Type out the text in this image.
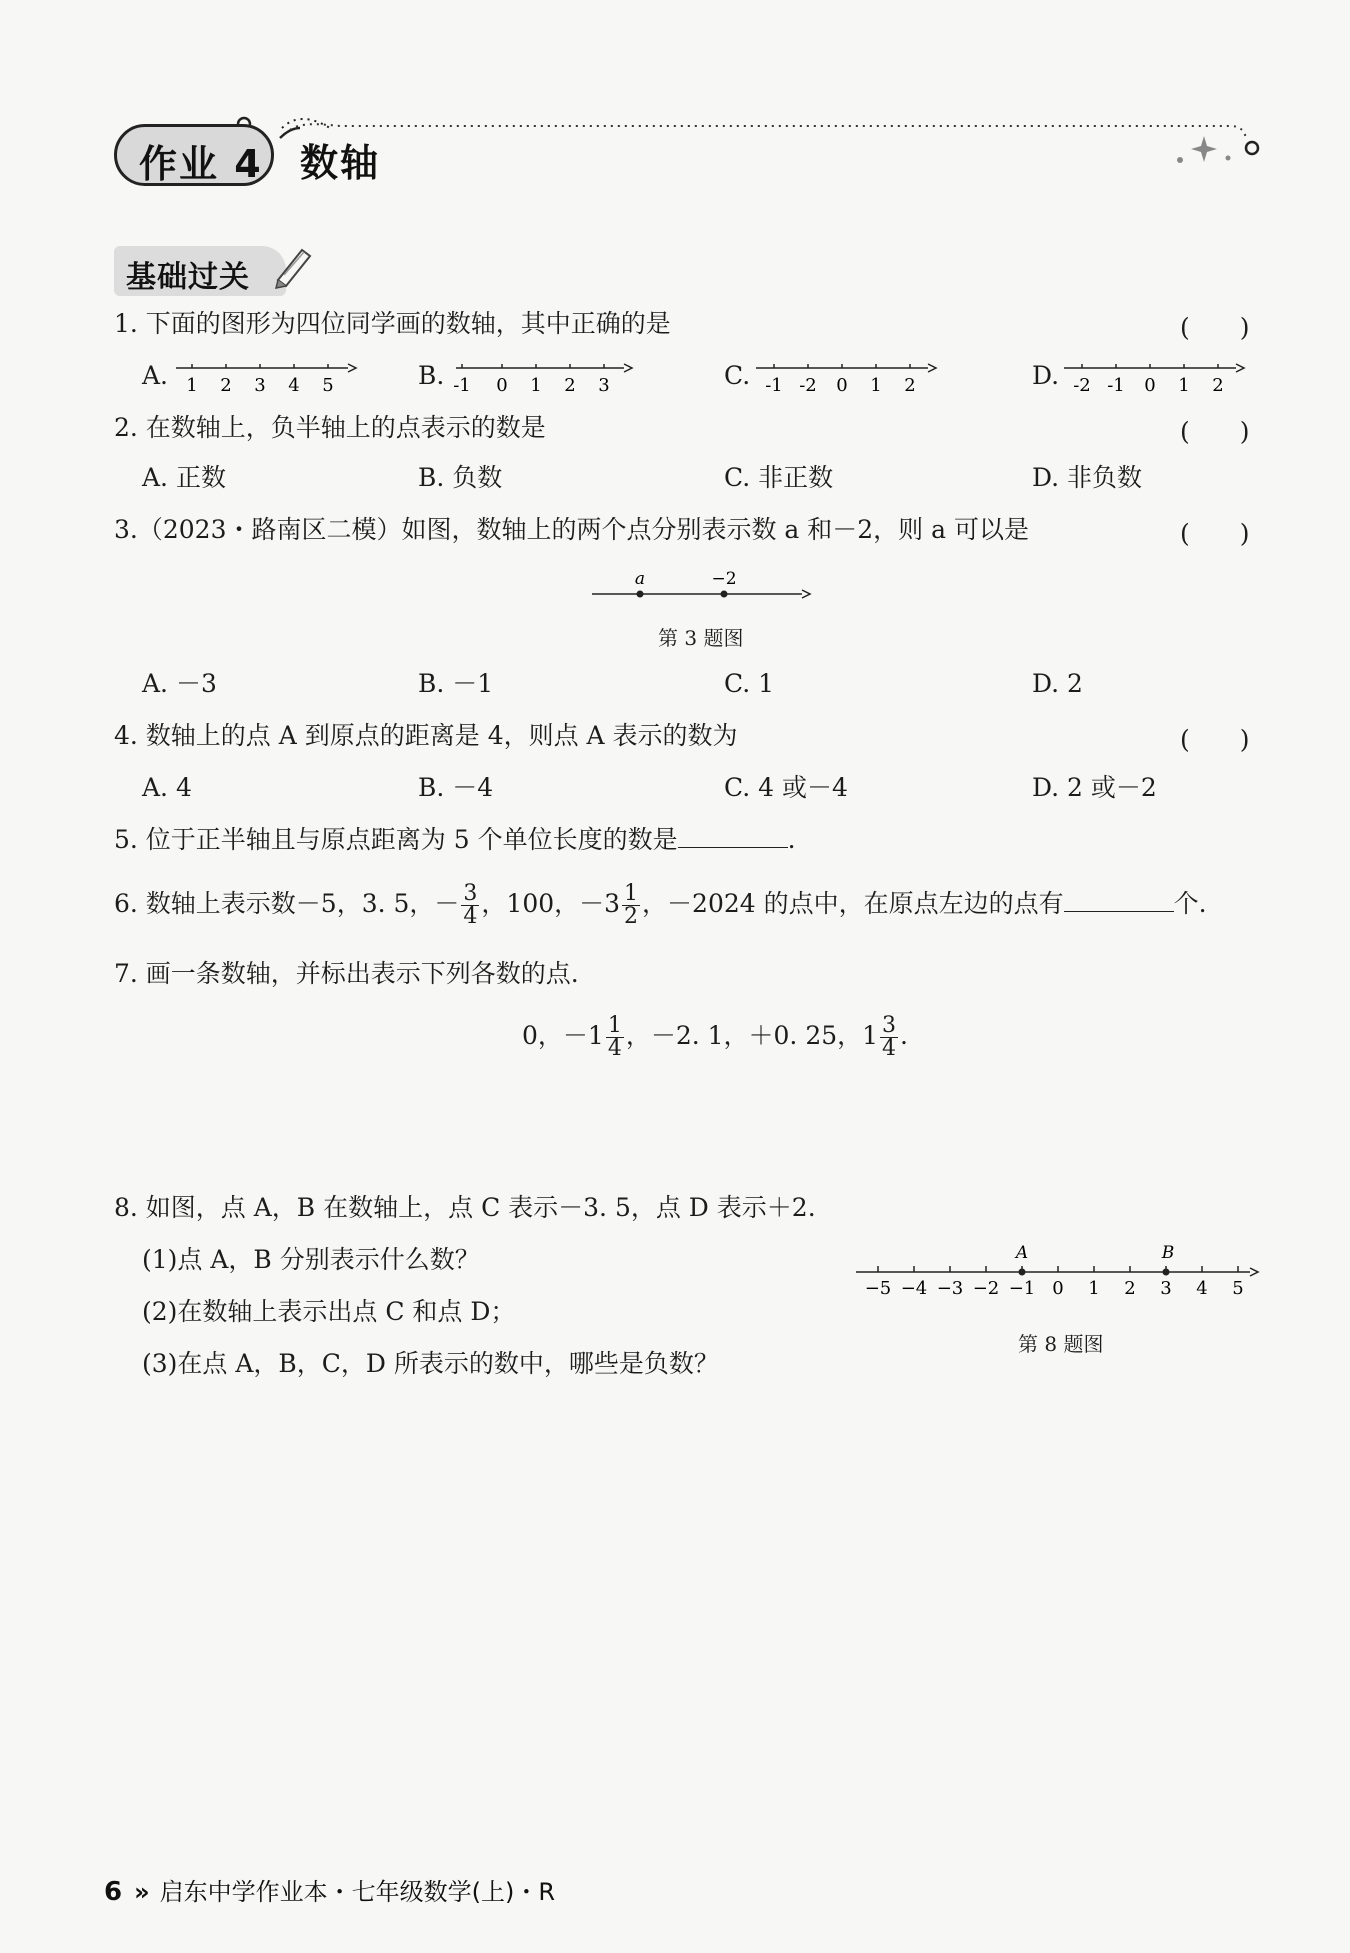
作业 4 数轴
基础过关
1. 下面的图形为四位同学画的数轴，其中正确的是	(　　)
A. 1 2 3 4 5	B. -1 0 1 2 3	C. -1 -2 0 1 2	D. -2 -1 0 1 2
2. 在数轴上，负半轴上的点表示的数是	(　　)
A. 正数	B. 负数	C. 非正数	D. 非负数
3.（2023・路南区二模）如图，数轴上的两个点分别表示数 a 和－2，则 a 可以是	(　　)
a	−2
第 3 题图
A. －3	B. －1	C. 1	D. 2
4. 数轴上的点 A 到原点的距离是 4，则点 A 表示的数为	(　　)
A. 4	B. －4	C. 4 或－4	D. 2 或－2
5. 位于正半轴且与原点距离为 5 个单位长度的数是	.
6. 数轴上表示数－5，3. 5，－ $\frac{3}{4}$ ，100，$-3 \frac{1}{2}$ ，－2024 的点中，在原点左边的点有	个.
7. 画一条数轴，并标出表示下列各数的点.
0，$-1 \frac{1}{4}$ ，－2. 1，＋0. 25，$1 \frac{3}{4}$ .
8. 如图，点 A，B 在数轴上，点 C 表示－3. 5，点 D 表示＋2.
(1)点 A，B 分别表示什么数？
(2)在数轴上表示出点 C 和点 D；
(3)在点 A，B，C，D 所表示的数中，哪些是负数？
−5 −4 −3 −2 −1 0 1 2 3 4 5
A	B
第 8 题图
6 » 启东中学作业本・七年级数学(上)・R
